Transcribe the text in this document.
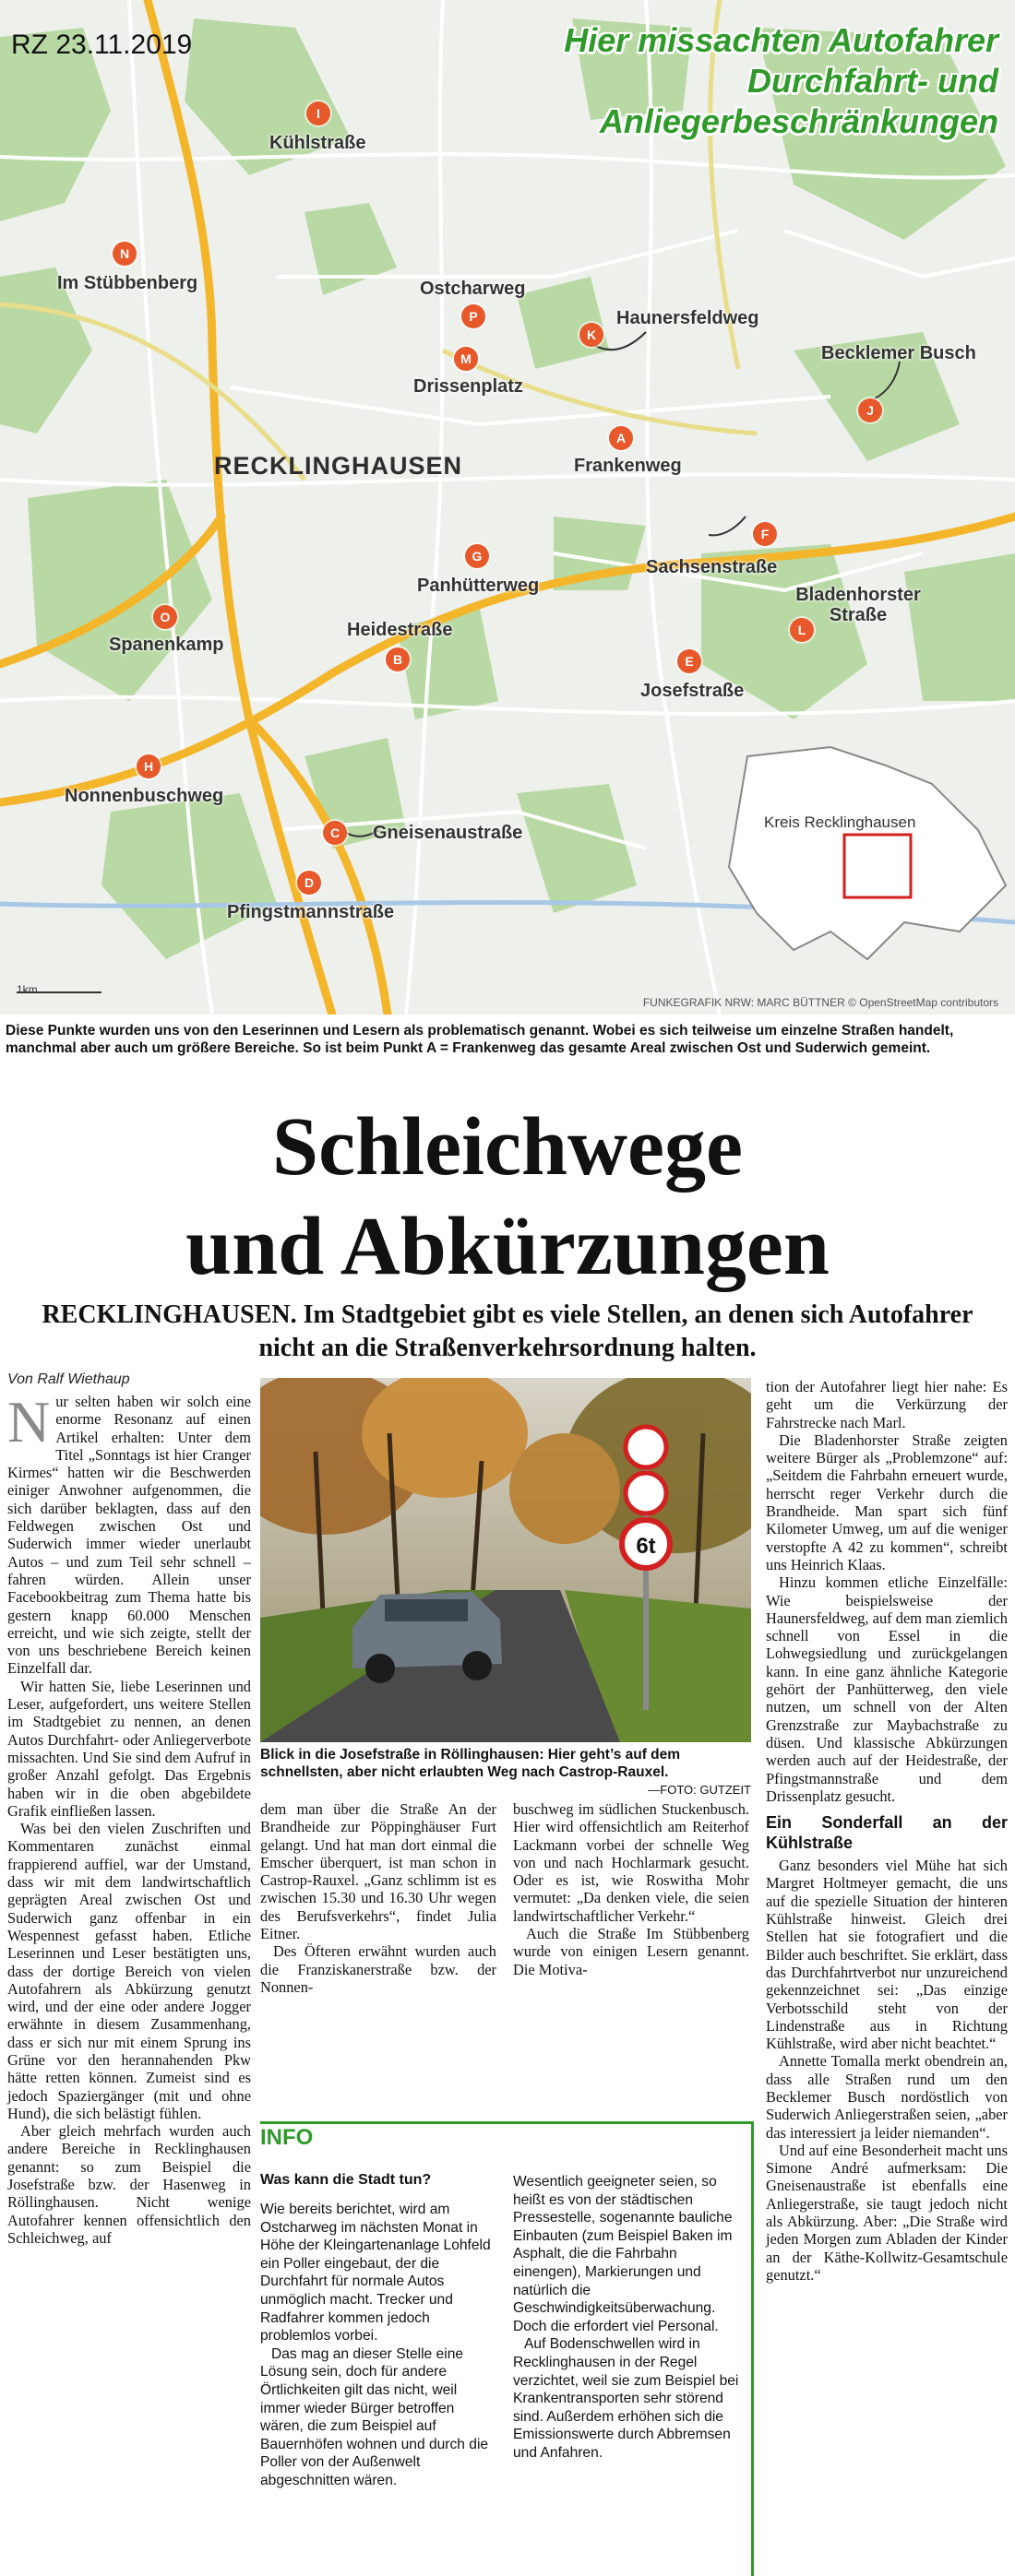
RZ 23.11.2019	Hier missachten Autofahrer
Durchfahrt- und
Anliegerbeschränkungen
RECKLINGHAUSEN
I
Kühlstraße
N
Im Stübbenberg
P
Ostcharweg
M
Drissenplatz
K
Haunersfeldweg
J
Becklemer Busch
A
Frankenweg
F
Sachsenstraße
G
Panhütterweg
O
Spanenkamp
B
Heidestraße	L
Bladenhorster Straße
E
Josefstraße
H
Nonnenbuschweg
C	Gneisenaustraße
D
Pfingstmannstraße
Kreis Recklinghausen
1km
FUNKEGRAFIK NRW: MARC BÜTTNER © OpenStreetMap contributors
Diese Punkte wurden uns von den Leserinnen und Lesern als problematisch genannt. Wobei es sich teilweise um einzelne Straßen handelt, manchmal aber auch um größere Bereiche. So ist beim Punkt A = Frankenweg das gesamte Areal zwischen Ost und Suderwich gemeint.
Schleichwege
und Abkürzungen
RECKLINGHAUSEN. Im Stadtgebiet gibt es viele Stellen, an denen sich Autofahrer nicht an die Straßenverkehrsordnung halten.
Von Ralf Wiethaup

Nur selten haben wir solch eine enorme Resonanz auf einen Artikel erhalten: Unter dem Titel „Sonntags ist hier Cranger Kirmes“ hatten wir die Beschwerden einiger Anwohner aufgenommen, die sich darüber beklagten, dass auf den Feldwegen zwischen Ost und Suderwich immer wieder unerlaubt Autos – und zum Teil sehr schnell – fahren würden. Allein unser Facebookbeitrag zum Thema hatte bis gestern knapp 60.000 Menschen erreicht, und wie sich zeigte, stellt der von uns beschriebene Bereich keinen Einzelfall dar.

Wir hatten Sie, liebe Leserinnen und Leser, aufgefordert, uns weitere Stellen im Stadtgebiet zu nennen, an denen Autos Durchfahrt- oder Anliegerverbote missachten. Und Sie sind dem Aufruf in großer Anzahl gefolgt. Das Ergebnis haben wir in die oben abgebildete Grafik einfließen lassen.

Was bei den vielen Zuschriften und Kommentaren zunächst einmal frappierend auffiel, war der Umstand, dass wir mit dem landwirtschaftlich geprägten Areal zwischen Ost und Suderwich ganz offenbar in ein Wespennest gefasst haben. Etliche Leserinnen und Leser bestätigten uns, dass der dortige Bereich von vielen Autofahrern als Abkürzung genutzt wird, und der eine oder andere Jogger erwähnte in diesem Zusammenhang, dass er sich nur mit einem Sprung ins Grüne vor den herannahenden Pkw hätte retten können. Zumeist sind es jedoch Spaziergänger (mit und ohne Hund), die sich belästigt fühlen.

Aber gleich mehrfach wurden auch andere Bereiche in Recklinghausen genannt: so zum Beispiel die Josefstraße bzw. der Hasenweg in Röllinghausen. Nicht wenige Autofahrer kennen offensichtlich den Schleichweg, auf

6t
Blick in die Josefstraße in Röllinghausen: Hier geht’s auf dem schnellsten, aber nicht erlaubten Weg nach Castrop-Rauxel.
—FOTO: GUTZEIT

dem man über die Straße An der Brandheide zur Pöppinghäuser Furt gelangt. Und hat man dort einmal die Emscher überquert, ist man schon in Castrop-Rauxel. „Ganz schlimm ist es zwischen 15.30 und 16.30 Uhr wegen des Berufsverkehrs“, findet Julia Eitner.

Des Öfteren erwähnt wurden auch die Franziskanerstraße bzw. der Nonnen-

buschweg im südlichen Stuckenbusch. Hier wird offensichtlich am Reiterhof Lackmann vorbei der schnelle Weg von und nach Hochlarmark gesucht. Oder es ist, wie Roswitha Mohr vermutet: „Da denken viele, die seien landwirtschaftlicher Verkehr.“

Auch die Straße Im Stübbenberg wurde von einigen Lesern genannt. Die Motiva-

INFO
Was kann die Stadt tun?

Wie bereits berichtet, wird am Ostcharweg im nächsten Monat in Höhe der Kleingartenanlage Lohfeld ein Poller eingebaut, der die Durchfahrt für normale Autos unmöglich macht. Trecker und Radfahrer kommen jedoch problemlos vorbei.

Das mag an dieser Stelle eine Lösung sein, doch für andere Örtlichkeiten gilt das nicht, weil immer wieder Bürger betroffen wären, die zum Beispiel auf Bauernhöfen wohnen und durch die Poller von der Außenwelt abgeschnitten wären.

Wesentlich geeigneter seien, so heißt es von der städtischen Pressestelle, sogenannte bauliche Einbauten (zum Beispiel Baken im Asphalt, die die Fahrbahn einengen), Markierungen und natürlich die Geschwindigkeitsüberwachung. Doch die erfordert viel Personal.

Auf Bodenschwellen wird in Recklinghausen in der Regel verzichtet, weil sie zum Beispiel bei Krankentransporten sehr störend sind. Außerdem erhöhen sich die Emissionswerte durch Abbremsen und Anfahren.

tion der Autofahrer liegt hier nahe: Es geht um die Verkürzung der Fahrstrecke nach Marl.

Die Bladenhorster Straße zeigten weitere Bürger als „Problemzone“ auf: „Seitdem die Fahrbahn erneuert wurde, herrscht reger Verkehr durch die Brandheide. Man spart sich fünf Kilometer Umweg, um auf die weniger verstopfte A 42 zu kommen“, schreibt uns Heinrich Klaas.

Hinzu kommen etliche Einzelfälle: Wie beispielsweise der Haunersfeldweg, auf dem man ziemlich schnell von Essel in die Lohwegsiedlung und zurückgelangen kann. In eine ganz ähnliche Kategorie gehört der Panhütterweg, den viele nutzen, um schnell von der Alten Grenzstraße zur Maybachstraße zu düsen. Und klassische Abkürzungen werden auch auf der Heidestraße, der Pfingstmannstraße und dem Drissenplatz gesucht.

Ein Sonderfall an der Kühlstraße

Ganz besonders viel Mühe hat sich Margret Holtmeyer gemacht, die uns auf die spezielle Situation der hinteren Kühlstraße hinweist. Gleich drei Stellen hat sie fotografiert und die Bilder auch beschriftet. Sie erklärt, dass das Durchfahrtverbot nur unzureichend gekennzeichnet sei: „Das einzige Verbotsschild steht von der Lindenstraße aus in Richtung Kühlstraße, wird aber nicht beachtet.“

Annette Tomalla merkt obendrein an, dass alle Straßen rund um den Becklemer Busch nordöstlich von Suderwich Anliegerstraßen seien, „aber das interessiert ja leider niemanden“.

Und auf eine Besonderheit macht uns Simone André aufmerksam: Die Gneisenaustraße ist ebenfalls eine Anliegerstraße, sie taugt jedoch nicht als Abkürzung. Aber: „Die Straße wird jeden Morgen zum Abladen der Kinder an der Käthe-Kollwitz-Gesamtschule genutzt.“
